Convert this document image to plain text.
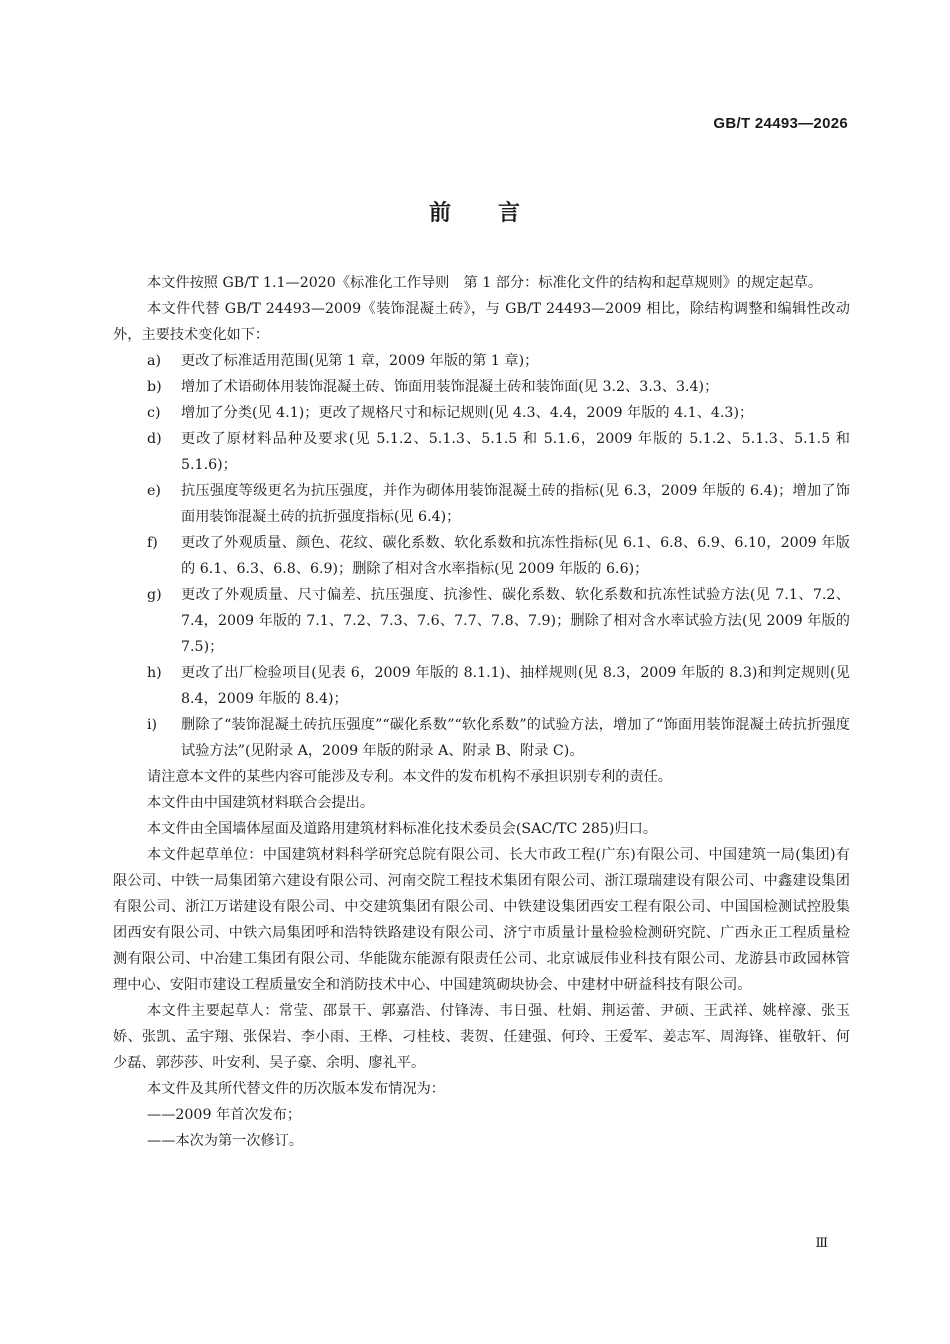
GB/T 24493—2026
前 言

本文件按照 GB/T 1.1—2020《标准化工作导则　第 1 部分：标准化文件的结构和起草规则》的规定起草。

本文件代替 GB/T 24493—2009《装饰混凝土砖》，与 GB/T 24493—2009 相比，除结构调整和编辑性改动外，主要技术变化如下：

a)	更改了标准适用范围(见第 1 章，2009 年版的第 1 章)；
b)	增加了术语砌体用装饰混凝土砖、饰面用装饰混凝土砖和装饰面(见 3.2、3.3、3.4)；
c)	增加了分类(见 4.1)；更改了规格尺寸和标记规则(见 4.3、4.4，2009 年版的 4.1、4.3)；
d)	更改了原材料品种及要求(见 5.1.2、5.1.3、5.1.5 和 5.1.6，2009 年版的 5.1.2、5.1.3、5.1.5 和 5.1.6)；
e)	抗压强度等级更名为抗压强度，并作为砌体用装饰混凝土砖的指标(见 6.3，2009 年版的 6.4)；增加了饰面用装饰混凝土砖的抗折强度指标(见 6.4)；
f)	更改了外观质量、颜色、花纹、碳化系数、软化系数和抗冻性指标(见 6.1、6.8、6.9、6.10，2009 年版的 6.1、6.3、6.8、6.9)；删除了相对含水率指标(见 2009 年版的 6.6)；
g)	更改了外观质量、尺寸偏差、抗压强度、抗渗性、碳化系数、软化系数和抗冻性试验方法(见 7.1、7.2、7.4，2009 年版的 7.1、7.2、7.3、7.6、7.7、7.8、7.9)；删除了相对含水率试验方法(见 2009 年版的 7.5)；
h)	更改了出厂检验项目(见表 6，2009 年版的 8.1.1)、抽样规则(见 8.3，2009 年版的 8.3)和判定规则(见 8.4，2009 年版的 8.4)；
i)	删除了“装饰混凝土砖抗压强度”“碳化系数”“软化系数”的试验方法，增加了“饰面用装饰混凝土砖抗折强度试验方法”(见附录 A，2009 年版的附录 A、附录 B、附录 C)。

请注意本文件的某些内容可能涉及专利。本文件的发布机构不承担识别专利的责任。

本文件由中国建筑材料联合会提出。

本文件由全国墙体屋面及道路用建筑材料标准化技术委员会(SAC/TC 285)归口。

本文件起草单位：中国建筑材料科学研究总院有限公司、长大市政工程(广东)有限公司、中国建筑一局(集团)有限公司、中铁一局集团第六建设有限公司、河南交院工程技术集团有限公司、浙江璟瑞建设有限公司、中鑫建设集团有限公司、浙江万诺建设有限公司、中交建筑集团有限公司、中铁建设集团西安工程有限公司、中国国检测试控股集团西安有限公司、中铁六局集团呼和浩特铁路建设有限公司、济宁市质量计量检验检测研究院、广西永正工程质量检测有限公司、中冶建工集团有限公司、华能陇东能源有限责任公司、北京诚辰伟业科技有限公司、龙游县市政园林管理中心、安阳市建设工程质量安全和消防技术中心、中国建筑砌块协会、中建材中研益科技有限公司。

本文件主要起草人：常莹、邵景干、郭嘉浩、付锋涛、韦日强、杜娟、荆运蕾、尹硕、王武祥、姚梓濠、张玉娇、张凯、孟宇翔、张保岩、李小雨、王桦、刁桂枝、裴贺、任建强、何玲、王爱军、姜志军、周海锋、崔敬轩、何少磊、郭莎莎、叶安利、吴子豪、余明、廖礼平。

本文件及其所代替文件的历次版本发布情况为：

——2009 年首次发布；

——本次为第一次修订。

Ⅲ
